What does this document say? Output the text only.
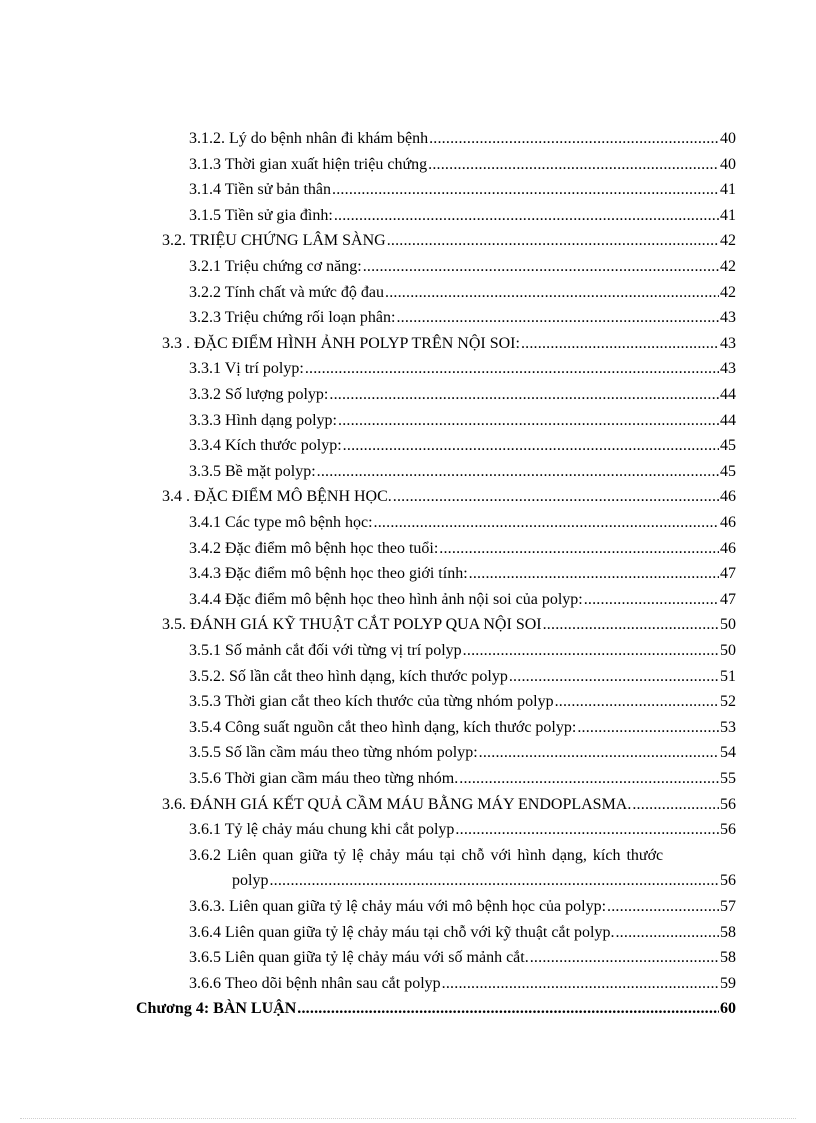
3.1.2. Lý do bệnh nhân đi khám bệnh .....	40
3.1.3 Thời gian xuất hiện triệu chứng .....	40
3.1.4 Tiền sử bản thân .....	41
3.1.5 Tiền sử gia đình: .....	41
3.2. TRIỆU CHỨNG LÂM SÀNG .....	42
3.2.1 Triệu chứng cơ năng: .....	42
3.2.2 Tính chất và mức độ đau .....	42
3.2.3 Triệu chứng rối loạn phân: .....	43
3.3 . ĐẶC ĐIỂM HÌNH ẢNH POLYP TRÊN NỘI SOI: .....	43
3.3.1 Vị trí polyp: .....	43
3.3.2 Số lượng polyp: .....	44
3.3.3 Hình dạng polyp: .....	44
3.3.4 Kích thước polyp: .....	45
3.3.5 Bề mặt polyp: .....	45
3.4 . ĐẶC ĐIỂM MÔ BỆNH HỌC. .....	46
3.4.1 Các type mô bệnh học: .....	46
3.4.2 Đặc điểm mô bệnh học theo tuổi: .....	46
3.4.3 Đặc điểm mô bệnh học theo giới tính: .....	47
3.4.4 Đặc điểm mô bệnh học theo hình ảnh nội soi của polyp: .....	47
3.5. ĐÁNH GIÁ KỸ THUẬT CẮT POLYP QUA NỘI SOI .....	50
3.5.1 Số mảnh cắt đối với từng vị trí polyp .....	50
3.5.2. Số lần cắt theo hình dạng, kích thước polyp .....	51
3.5.3 Thời gian cắt theo kích thước của từng nhóm polyp .....	52
3.5.4 Công suất nguồn cắt theo hình dạng, kích thước polyp: .....	53
3.5.5 Số lần cầm máu theo từng nhóm polyp: .....	54
3.5.6 Thời gian cầm máu theo từng nhóm. .....	55
3.6. ĐÁNH GIÁ KẾT QUẢ CẦM MÁU BẰNG MÁY ENDOPLASMA. .....	56
3.6.1 Tỷ lệ chảy máu chung khi cắt polyp .....	56
3.6.2 Liên quan giữa tỷ lệ chảy máu tại chỗ với hình dạng, kích thước
polyp .....	56
3.6.3. Liên quan giữa tỷ lệ chảy máu với mô bệnh học của polyp: .....	57
3.6.4 Liên quan giữa tỷ lệ chảy máu tại chỗ với kỹ thuật cắt polyp. .....	58
3.6.5 Liên quan giữa tỷ lệ chảy máu với số mảnh cắt. .....	58
3.6.6 Theo dõi bệnh nhân sau cắt polyp .....	59
Chương 4: BÀN LUẬN .....	60
